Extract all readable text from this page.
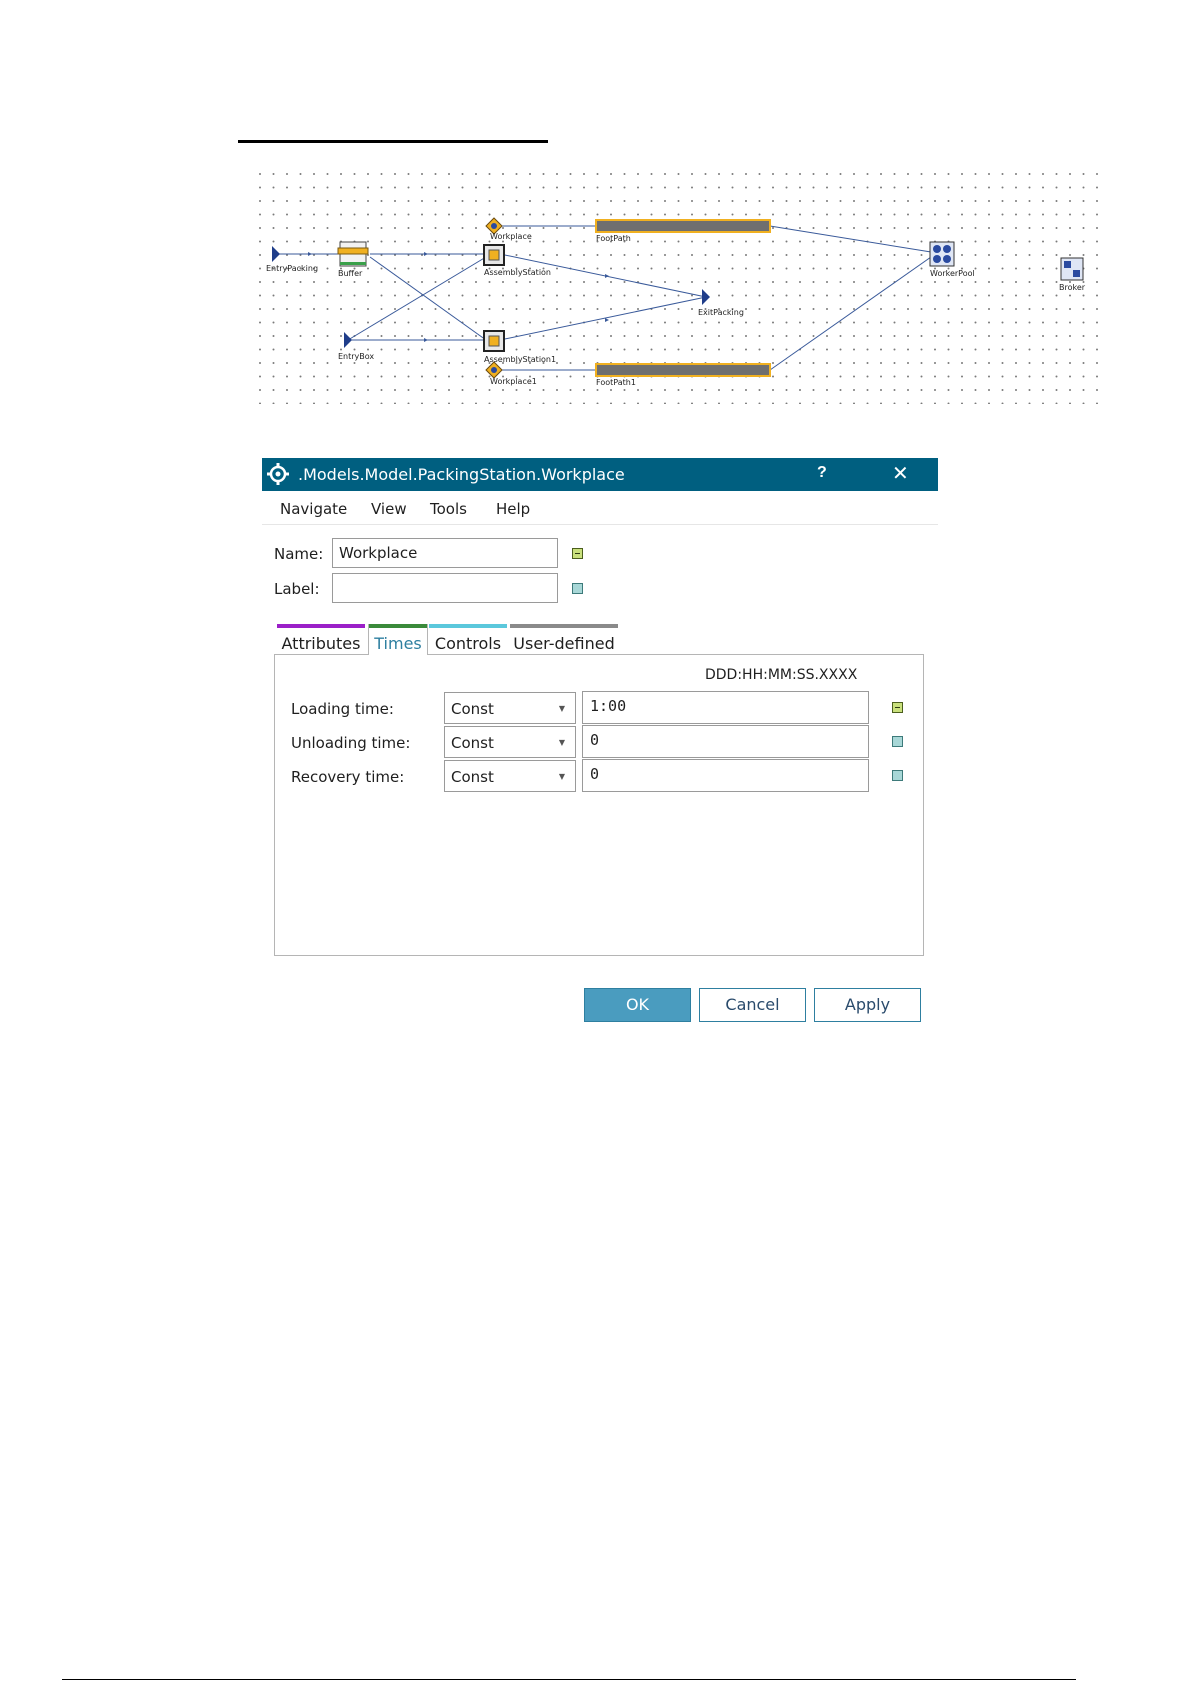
EntryPacking
Buffer
EntryBox
Workplace
AssemblyStation
AssemblyStation1
Workplace1
FootPath
FootPath1
ExitPacking
WorkerPool
Broker
.Models.Model.PackingStation.Workplace	?	✕
Navigate View Tools Help
Name:	Workplace
Label:
Attributes Times Controls User-defined
DDD:HH:MM:SS.XXXX
Loading time:	Const	▼	1:00
Unloading time:	Const	▼	0
Recovery time:	Const	▼	0
OK	Cancel	Apply
